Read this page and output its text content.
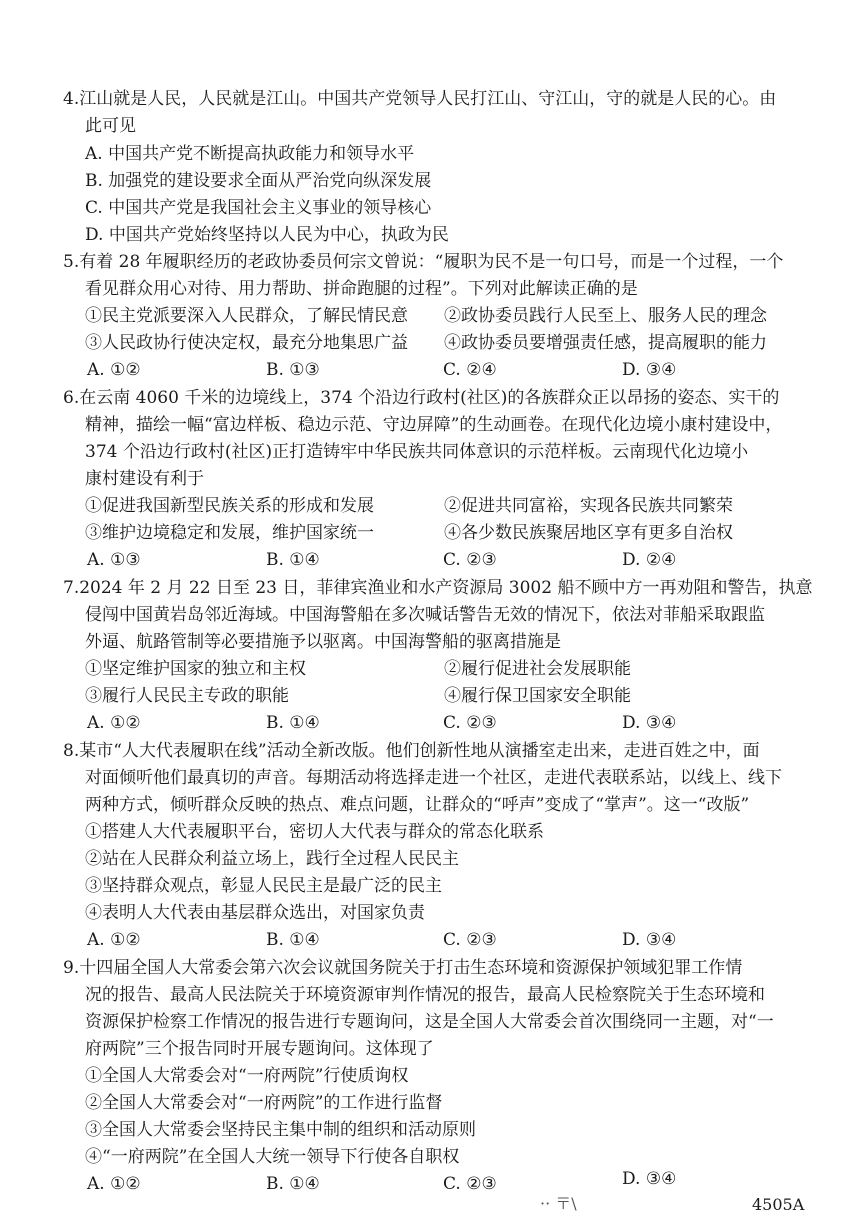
4.江山就是人民，人民就是江山。中国共产党领导人民打江山、守江山，守的就是人民的心。由
此可见
A. 中国共产党不断提高执政能力和领导水平
B. 加强党的建设要求全面从严治党向纵深发展
C. 中国共产党是我国社会主义事业的领导核心
D. 中国共产党始终坚持以人民为中心，执政为民
5.有着 28 年履职经历的老政协委员何宗文曾说：“履职为民不是一句口号，而是一个过程，一个
看见群众用心对待、用力帮助、拼命跑腿的过程”。下列对此解读正确的是
①民主党派要深入人民群众，了解民情民意 ②政协委员践行人民至上、服务人民的理念
③人民政协行使决定权，最充分地集思广益 ④政协委员要增强责任感，提高履职的能力
A. ①②	B. ①③	C. ②④	D. ③④
6.在云南 4060 千米的边境线上，374 个沿边行政村(社区)的各族群众正以昂扬的姿态、实干的
精神，描绘一幅“富边样板、稳边示范、守边屏障”的生动画卷。在现代化边境小康村建设中，
374 个沿边行政村(社区)正打造铸牢中华民族共同体意识的示范样板。云南现代化边境小
康村建设有利于
①促进我国新型民族关系的形成和发展	②促进共同富裕，实现各民族共同繁荣
③维护边境稳定和发展，维护国家统一	④各少数民族聚居地区享有更多自治权
A. ①③	B. ①④	C. ②③	D. ②④
7.2024 年 2 月 22 日至 23 日，菲律宾渔业和水产资源局 3002 船不顾中方一再劝阻和警告，执意
侵闯中国黄岩岛邻近海域。中国海警船在多次喊话警告无效的情况下，依法对菲船采取跟监
外逼、航路管制等必要措施予以驱离。中国海警船的驱离措施是
①坚定维护国家的独立和主权	②履行促进社会发展职能
③履行人民民主专政的职能	④履行保卫国家安全职能
A. ①②	B. ①④	C. ②③	D. ③④
8.某市“人大代表履职在线”活动全新改版。他们创新性地从演播室走出来，走进百姓之中，面
对面倾听他们最真切的声音。每期活动将选择走进一个社区，走进代表联系站，以线上、线下
两种方式，倾听群众反映的热点、难点问题，让群众的“呼声”变成了“掌声”。这一“改版”
①搭建人大代表履职平台，密切人大代表与群众的常态化联系
②站在人民群众利益立场上，践行全过程人民民主
③坚持群众观点，彰显人民民主是最广泛的民主
④表明人大代表由基层群众选出，对国家负责
A. ①②	B. ①④	C. ②③	D. ③④
9.十四届全国人大常委会第六次会议就国务院关于打击生态环境和资源保护领域犯罪工作情
况的报告、最高人民法院关于环境资源审判作情况的报告，最高人民检察院关于生态环境和
资源保护检察工作情况的报告进行专题询问，这是全国人大常委会首次围绕同一主题，对“一
府两院”三个报告同时开展专题询问。这体现了
①全国人大常委会对“一府两院”行使质询权
②全国人大常委会对“一府两院”的工作进行监督
③全国人大常委会坚持民主集中制的组织和活动原则
④“一府两院”在全国人大统一领导下行使各自职权
A. ①②	B. ①④	C. ②③	D. ③④
·· 〒\	4505A
